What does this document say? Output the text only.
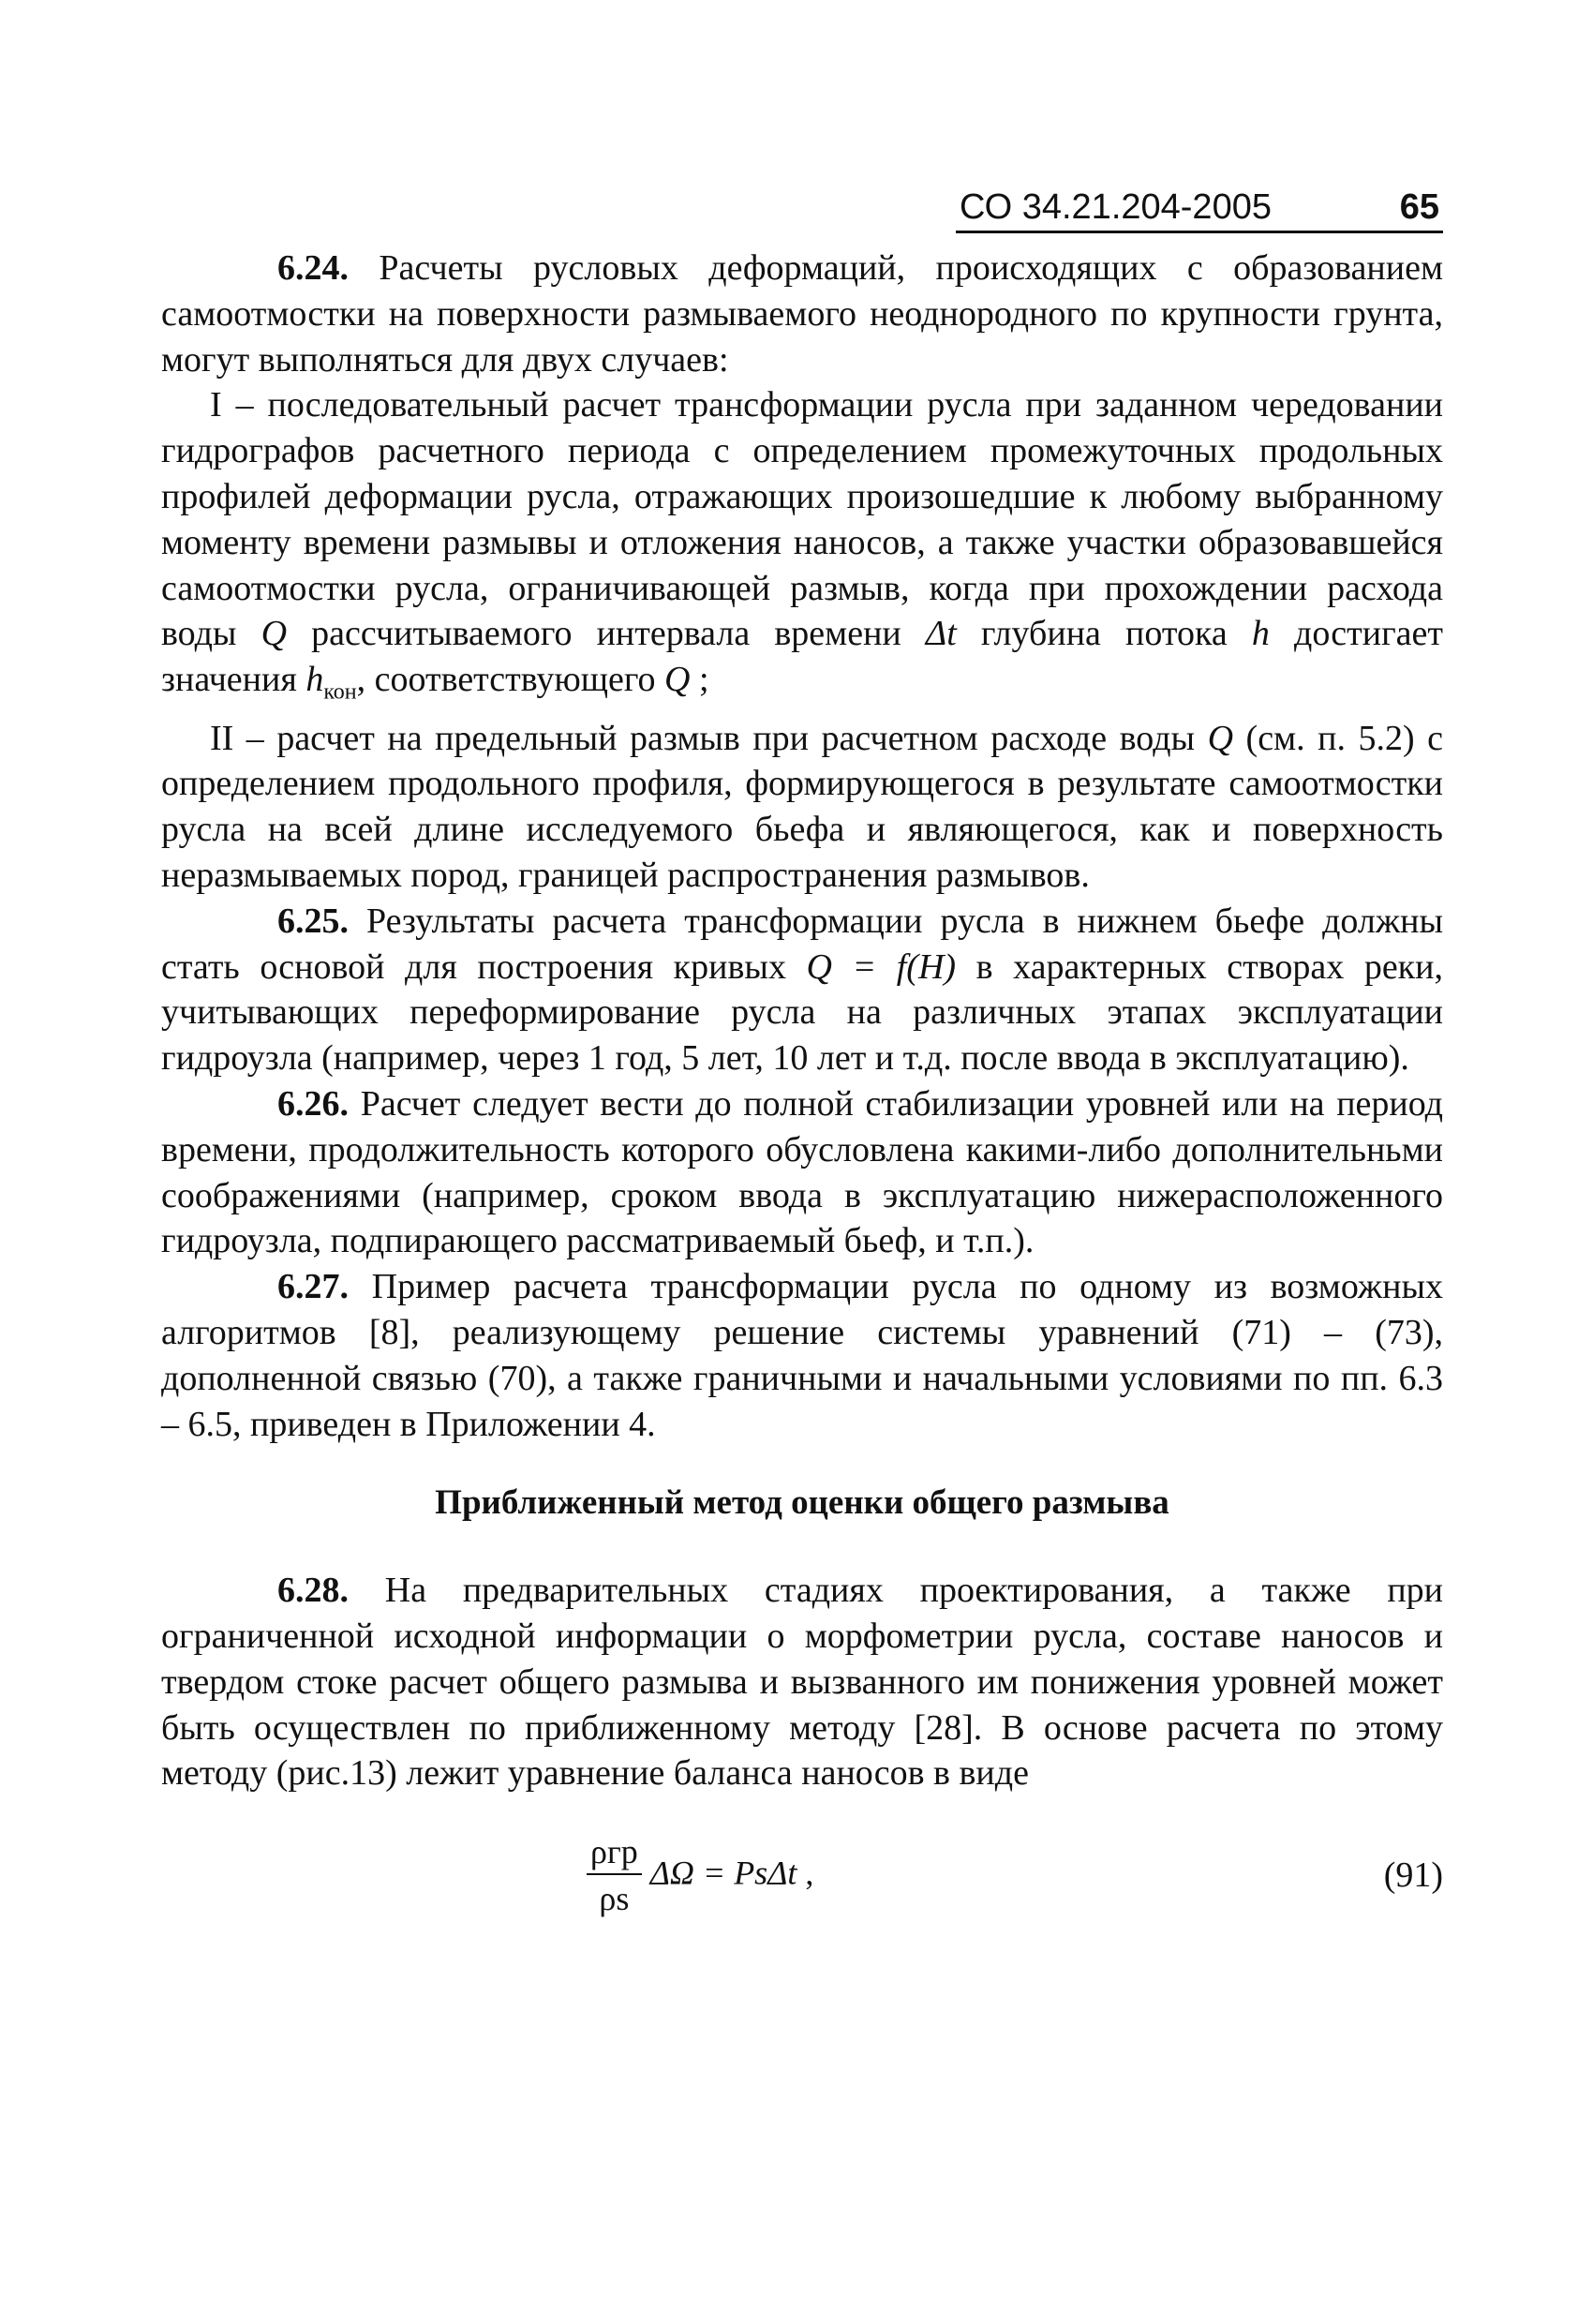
СО 34.21.204-2005	65

6.24. Расчеты русловых деформаций, происходящих с образованием самоотмостки на поверхности размываемого неоднородного по крупности грунта, могут выполняться для двух случаев:

I – последовательный расчет трансформации русла при заданном чередовании гидрографов расчетного периода с определением промежуточных продольных профилей деформации русла, отражающих произошедшие к любому выбранному моменту времени размывы и отложения наносов, а также участки образовавшейся самоотмостки русла, ограничивающей размыв, когда при прохождении расхода воды Q рассчитываемого интервала времени Δt глубина потока h достигает значения $h_{кон}$, соответствующего Q ;

II – расчет на предельный размыв при расчетном расходе воды Q (см. п. 5.2) с определением продольного профиля, формирующегося в результате самоотмостки русла на всей длине исследуемого бьефа и являющегося, как и поверхность неразмываемых пород, границей распространения размывов.

6.25. Результаты расчета трансформации русла в нижнем бьефе должны стать основой для построения кривых Q = f(H) в характерных створах реки, учитывающих переформирование русла на различных этапах эксплуатации гидроузла (например, через 1 год, 5 лет, 10 лет и т.д. после ввода в эксплуатацию).

6.26. Расчет следует вести до полной стабилизации уровней или на период времени, продолжительность которого обусловлена какими-либо дополнительньми соображениями (например, сроком ввода в эксплуатацию нижерасположенного гидроузла, подпирающего рассматриваемый бьеф, и т.п.).

6.27. Пример расчета трансформации русла по одному из возможных алгоритмов [8], реализующему решение системы уравнений (71) – (73), дополненной связью (70), а также граничными и начальными условиями по пп. 6.3 – 6.5, приведен в Приложении 4.

Приближенный метод оценки общего размыва

6.28. На предварительных стадиях проектирования, а также при ограниченной исходной информации о морфометрии русла, составе наносов и твердом стоке расчет общего размыва и вызванного им понижения уровней может быть осуществлен по приближенному методу [28]. В основе расчета по этому методу (рис.13) лежит уравнение баланса наносов в виде

$\frac{\text{ρгр}}{\rho s}$ ΔΩ = PsΔt ,	(91)
